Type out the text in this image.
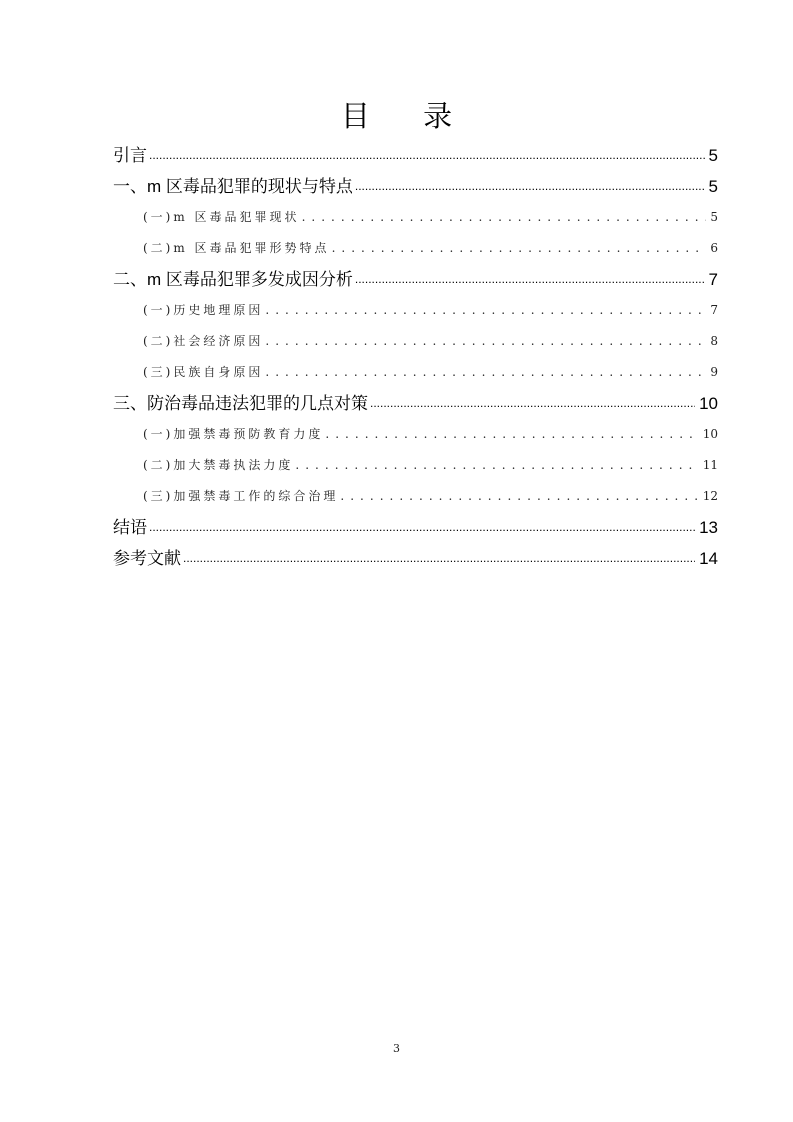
目 录
引言 .....	5
一、m 区毒品犯罪的现状与特点 .....	5
(一)m 区毒品犯罪现状 . . .	5
(二)m 区毒品犯罪形势特点 . . .	6
二、m 区毒品犯罪多发成因分析 .....	7
(一)历史地理原因 . . .	7
(二)社会经济原因 . . .	8
(三)民族自身原因 . . .	9
三、防治毒品违法犯罪的几点对策 .....	10
(一)加强禁毒预防教育力度 . . .	10
(二)加大禁毒执法力度 . . .	11
(三)加强禁毒工作的综合治理 . . .	12
结语 .....	13
参考文献 .....	14
3
